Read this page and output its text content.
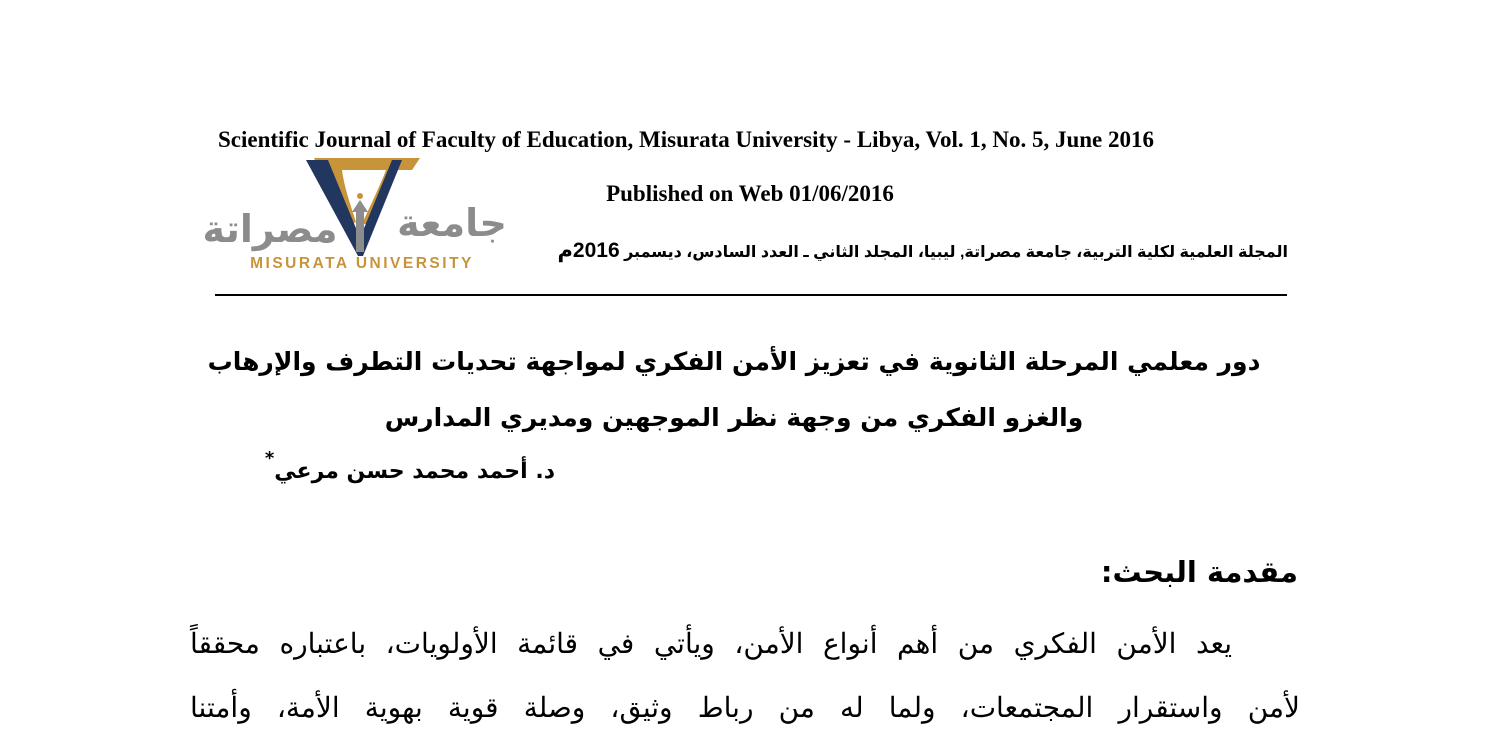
Scientific Journal of Faculty of Education, Misurata University - Libya, Vol. 1, No. 5, June 2016
Published on Web 01/06/2016
المجلة العلمية لكلية التربية، جامعة مصراتة, ليبيا، المجلد الثاني ـ العدد السادس، ديسمبر 2016م
مصراتة جامعة
MISURATA UNIVERSITY
دور معلمي المرحلة الثانوية في تعزيز الأمن الفكري لمواجهة تحديات التطرف والإرهاب
والغزو الفكري من وجهة نظر الموجهين ومديري المدارس
د. أحمد محمد حسن مرعي*
مقدمة البحث:
يعد الأمن الفكري من أهم أنواع الأمن، ويأتي في قائمة الأولويات، باعتباره محققاً
لأمن واستقرار المجتمعات، ولما له من رباط وثيق، وصلة قوية بهوية الأمة، وأمتنا
